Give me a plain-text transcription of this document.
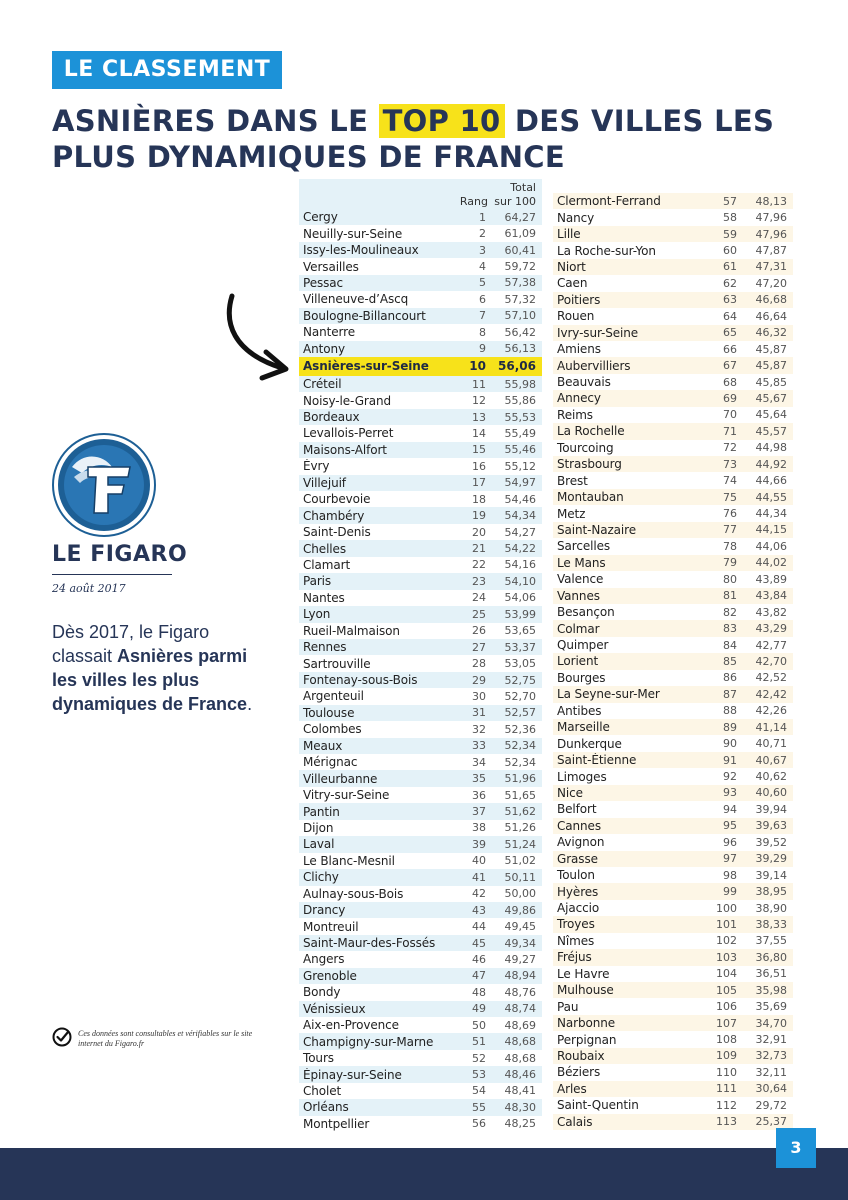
LE CLASSEMENT
ASNIÈRES DANS LE TOP 10 DES VILLES LES PLUS DYNAMIQUES DE FRANCE
LE FIGARO
24 août 2017
Dès 2017, le Figaro classait Asnières parmi les villes les plus dynamiques de France.
Ces données sont consultables et vérifiables sur le site internet du Figaro.fr
Rang
Total
sur 100
Cergy	1	64,27
Neuilly-sur-Seine	2	61,09
Issy-les-Moulineaux	3	60,41
Versailles	4	59,72
Pessac	5	57,38
Villeneuve-d’Ascq	6	57,32
Boulogne-Billancourt	7	57,10
Nanterre	8	56,42
Antony	9	56,13
Asnières-sur-Seine	10	56,06
Créteil	11	55,98
Noisy-le-Grand	12	55,86
Bordeaux	13	55,53
Levallois-Perret	14	55,49
Maisons-Alfort	15	55,46
Évry	16	55,12
Villejuif	17	54,97
Courbevoie	18	54,46
Chambéry	19	54,34
Saint-Denis	20	54,27
Chelles	21	54,22
Clamart	22	54,16
Paris	23	54,10
Nantes	24	54,06
Lyon	25	53,99
Rueil-Malmaison	26	53,65
Rennes	27	53,37
Sartrouville	28	53,05
Fontenay-sous-Bois	29	52,75
Argenteuil	30	52,70
Toulouse	31	52,57
Colombes	32	52,36
Meaux	33	52,34
Mérignac	34	52,34
Villeurbanne	35	51,96
Vitry-sur-Seine	36	51,65
Pantin	37	51,62
Dijon	38	51,26
Laval	39	51,24
Le Blanc-Mesnil	40	51,02
Clichy	41	50,11
Aulnay-sous-Bois	42	50,00
Drancy	43	49,86
Montreuil	44	49,45
Saint-Maur-des-Fossés	45	49,34
Angers	46	49,27
Grenoble	47	48,94
Bondy	48	48,76
Vénissieux	49	48,74
Aix-en-Provence	50	48,69
Champigny-sur-Marne	51	48,68
Tours	52	48,68
Épinay-sur-Seine	53	48,46
Cholet	54	48,41
Orléans	55	48,30
Montpellier	56	48,25
Clermont-Ferrand	57	48,13
Nancy	58	47,96
Lille	59	47,96
La Roche-sur-Yon	60	47,87
Niort	61	47,31
Caen	62	47,20
Poitiers	63	46,68
Rouen	64	46,64
Ivry-sur-Seine	65	46,32
Amiens	66	45,87
Aubervilliers	67	45,87
Beauvais	68	45,85
Annecy	69	45,67
Reims	70	45,64
La Rochelle	71	45,57
Tourcoing	72	44,98
Strasbourg	73	44,92
Brest	74	44,66
Montauban	75	44,55
Metz	76	44,34
Saint-Nazaire	77	44,15
Sarcelles	78	44,06
Le Mans	79	44,02
Valence	80	43,89
Vannes	81	43,84
Besançon	82	43,82
Colmar	83	43,29
Quimper	84	42,77
Lorient	85	42,70
Bourges	86	42,52
La Seyne-sur-Mer	87	42,42
Antibes	88	42,26
Marseille	89	41,14
Dunkerque	90	40,71
Saint-Étienne	91	40,67
Limoges	92	40,62
Nice	93	40,60
Belfort	94	39,94
Cannes	95	39,63
Avignon	96	39,52
Grasse	97	39,29
Toulon	98	39,14
Hyères	99	38,95
Ajaccio	100	38,90
Troyes	101	38,33
Nîmes	102	37,55
Fréjus	103	36,80
Le Havre	104	36,51
Mulhouse	105	35,98
Pau	106	35,69
Narbonne	107	34,70
Perpignan	108	32,91
Roubaix	109	32,73
Béziers	110	32,11
Arles	111	30,64
Saint-Quentin	112	29,72
Calais	113	25,37
3
